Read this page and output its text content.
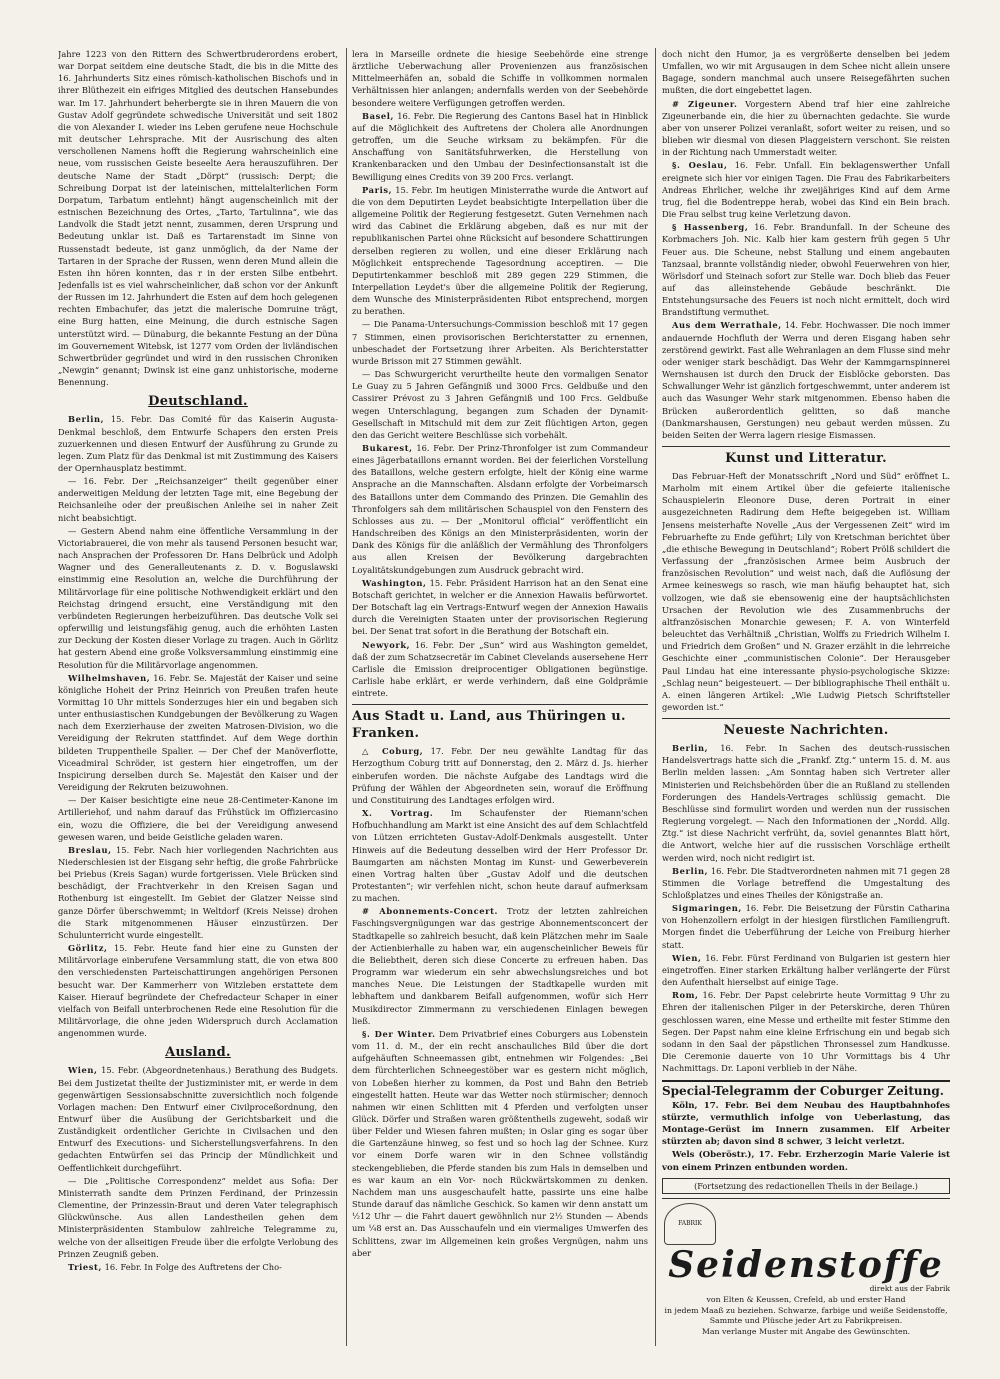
Jahre 1223 von den Rittern des Schwertbruderordens erobert, war Dorpat seitdem eine deutsche Stadt, die bis in die Mitte des 16. Jahrhunderts Sitz eines römisch-katholischen Bischofs und in ihrer Blüthezeit ein eifriges Mitglied des deutschen Hansebundes war. Im 17. Jahrhundert beherbergte sie in ihren Mauern die von Gustav Adolf gegründete schwedische Universität und seit 1802 die von Alexander I. wieder ins Leben gerufene neue Hochschule mit deutscher Lehrsprache. Mit der Ausrischung des alten verschollenen Namens hofft die Regierung wahrscheinlich eine neue, vom russischen Geiste beseelte Aera herauszuführen. Der deutsche Name der Stadt „Dörpt“ (russisch: Derpt; die Schreibung Dorpat ist der lateinischen, mittelalterlichen Form Dorpatum, Tarbatum entlehnt) hängt augenscheinlich mit der estnischen Bezeichnung des Ortes, „Tarto, Tartulinna“, wie das Landvolk die Stadt jetzt nennt, zusammen, deren Ursprung und Bedeutung unklar ist. Daß es Tartarenstadt im Sinne von Russenstadt bedeute, ist ganz unmöglich, da der Name der Tartaren in der Sprache der Russen, wenn deren Mund allein die Esten ihn hören konnten, das r in der ersten Silbe entbehrt. Jedenfalls ist es viel wahrscheinlicher, daß schon vor der Ankunft der Russen im 12. Jahrhundert die Esten auf dem hoch gelegenen rechten Embachufer, das jetzt die malerische Domruine trägt, eine Burg hatten, eine Meinung, die durch estnische Sagen unterstützt wird. — Dünaburg, die bekannte Festung an der Düna im Gouvernement Witebsk, ist 1277 vom Orden der livländischen Schwertbrüder gegründet und wird in den russischen Chroniken „Newgin“ genannt; Dwinsk ist eine ganz unhistorische, moderne Benennung.

Deutschland.

Berlin, 15. Febr. Das Comité für das Kaiserin Augusta-Denkmal beschloß, dem Entwurfe Schapers den ersten Preis zuzuerkennen und diesen Entwurf der Ausführung zu Grunde zu legen. Zum Platz für das Denkmal ist mit Zustimmung des Kaisers der Opernhausplatz bestimmt.

— 16. Febr. Der „Reichsanzeiger“ theilt gegenüber einer anderweitigen Meldung der letzten Tage mit, eine Begebung der Reichsanleihe oder der preußischen Anleihe sei in naher Zeit nicht beabsichtigt.

— Gestern Abend nahm eine öffentliche Versammlung in der Victoriabrauerei, die von mehr als tausend Personen besucht war, nach Ansprachen der Professoren Dr. Hans Delbrück und Adolph Wagner und des Generalleutenants z. D. v. Boguslawski einstimmig eine Resolution an, welche die Durchführung der Militärvorlage für eine politische Nothwendigkeit erklärt und den Reichstag dringend ersucht, eine Verständigung mit den verbündeten Regierungen herbeizuführen. Das deutsche Volk sei opferwillig und leistungsfähig genug, auch die erhöhten Lasten zur Deckung der Kosten dieser Vorlage zu tragen. Auch in Görlitz hat gestern Abend eine große Volksversammlung einstimmig eine Resolution für die Militärvorlage angenommen.

Wilhelmshaven, 16. Febr. Se. Majestät der Kaiser und seine königliche Hoheit der Prinz Heinrich von Preußen trafen heute Vormittag 10 Uhr mittels Sonderzuges hier ein und begaben sich unter enthusiastischen Kundgebungen der Bevölkerung zu Wagen nach dem Exerzierhause der zweiten Matrosen-Division, wo die Vereidigung der Rekruten stattfindet. Auf dem Wege dorthin bildeten Truppentheile Spalier. — Der Chef der Manöverflotte, Viceadmiral Schröder, ist gestern hier eingetroffen, um der Inspicirung derselben durch Se. Majestät den Kaiser und der Vereidigung der Rekruten beizuwohnen.

— Der Kaiser besichtigte eine neue 28-Centimeter-Kanone im Artilleriehof, und nahm darauf das Frühstück im Offiziercasino ein, wozu die Offiziere, die bei der Vereidigung anwesend gewesen waren, und beide Geistliche geladen waren.

Breslau, 15. Febr. Nach hier vorliegenden Nachrichten aus Niederschlesien ist der Eisgang sehr heftig, die große Fahrbrücke bei Priebus (Kreis Sagan) wurde fortgerissen. Viele Brücken sind beschädigt, der Frachtverkehr in den Kreisen Sagan und Rothenburg ist eingestellt. Im Gebiet der Glatzer Neisse sind ganze Dörfer überschwemmt; in Weltdorf (Kreis Neisse) drohen die Stark mitgenommenen Häuser einzustürzen. Der Schulunterricht wurde eingestellt.

Görlitz, 15. Febr. Heute fand hier eine zu Gunsten der Militärvorlage einberufene Versammlung statt, die von etwa 800 den verschiedensten Parteischattirungen angehörigen Personen besucht war. Der Kammerherr von Witzleben erstattete dem Kaiser. Hierauf begründete der Chefredacteur Schaper in einer vielfach von Beifall unterbrochenen Rede eine Resolution für die Militärvorlage, die ohne jeden Widerspruch durch Acclamation angenommen wurde.

Ausland.

Wien, 15. Febr. (Abgeordnetenhaus.) Berathung des Budgets. Bei dem Justizetat theilte der Justizminister mit, er werde in dem gegenwärtigen Sessionsabschnitte zuversichtlich noch folgende Vorlagen machen: Den Entwurf einer Civilproceßordnung, den Entwurf über die Ausübung der Gerichtsbarkeit und die Zuständigkeit ordentlicher Gerichte in Civilsachen und den Entwurf des Executions- und Sicherstellungsverfahrens. In den gedachten Entwürfen sei das Princip der Mündlichkeit und Oeffentlichkeit durchgeführt.

— Die „Politische Correspondenz“ meldet aus Sofia: Der Ministerrath sandte dem Prinzen Ferdinand, der Prinzessin Clementine, der Prinzessin-Braut und deren Vater telegraphisch Glückwünsche. Aus allen Landestheilen gehen dem Ministerpräsidenten Stambulow zahlreiche Telegramme zu, welche von der allseitigen Freude über die erfolgte Verlobung des Prinzen Zeugniß geben.

Triest, 16. Febr. In Folge des Auftretens der Cho-

lera in Marseille ordnete die hiesige Seebehörde eine strenge ärztliche Ueberwachung aller Provenienzen aus französischen Mittelmeerhäfen an, sobald die Schiffe in vollkommen normalen Verhältnissen hier anlangen; andernfalls werden von der Seebehörde besondere weitere Verfügungen getroffen werden.

Basel, 16. Febr. Die Regierung des Cantons Basel hat in Hinblick auf die Möglichkeit des Auftretens der Cholera alle Anordnungen getroffen, um die Seuche wirksam zu bekämpfen. Für die Anschaffung von Sanitätsfuhrwerken, die Herstellung von Krankenbaracken und den Umbau der Desinfectionsanstalt ist die Bewilligung eines Credits von 39 200 Frcs. verlangt.

Paris, 15. Febr. Im heutigen Ministerrathe wurde die Antwort auf die von dem Deputirten Leydet beabsichtigte Interpellation über die allgemeine Politik der Regierung festgesetzt. Guten Vernehmen nach wird das Cabinet die Erklärung abgeben, daß es nur mit der republikanischen Partei ohne Rücksicht auf besondere Schattirungen derselben regieren zu wollen, und eine dieser Erklärung nach Möglichkeit entsprechende Tagesordnung acceptiren. — Die Deputirtenkammer beschloß mit 289 gegen 229 Stimmen, die Interpellation Leydet's über die allgemeine Politik der Regierung, dem Wunsche des Ministerpräsidenten Ribot entsprechend, morgen zu berathen.

— Die Panama-Untersuchungs-Commission beschloß mit 17 gegen 7 Stimmen, einen provisorischen Berichterstatter zu ernennen, unbeschadet der Fortsetzung ihrer Arbeiten. Als Berichterstatter wurde Brisson mit 27 Stimmen gewählt.

— Das Schwurgericht verurtheilte heute den vormaligen Senator Le Guay zu 5 Jahren Gefängniß und 3000 Frcs. Geldbuße und den Cassirer Prévost zu 3 Jahren Gefängniß und 100 Frcs. Geldbuße wegen Unterschlagung, begangen zum Schaden der Dynamit-Gesellschaft in Mitschuld mit dem zur Zeit flüchtigen Arton, gegen den das Gericht weitere Beschlüsse sich vorbehält.

Bukarest, 16. Febr. Der Prinz-Thronfolger ist zum Commandeur eines Jägerbataillons ernannt worden. Bei der feierlichen Vorstellung des Bataillons, welche gestern erfolgte, hielt der König eine warme Ansprache an die Mannschaften. Alsdann erfolgte der Vorbeimarsch des Bataillons unter dem Commando des Prinzen. Die Gemahlin des Thronfolgers sah dem militärischen Schauspiel von den Fenstern des Schlosses aus zu. — Der „Monitorul official“ veröffentlicht ein Handschreiben des Königs an den Ministerpräsidenten, worin der Dank des Königs für die anläßlich der Vermählung des Thronfolgers aus allen Kreisen der Bevölkerung dargebrachten Loyalitätskundgebungen zum Ausdruck gebracht wird.

Washington, 15. Febr. Präsident Harrison hat an den Senat eine Botschaft gerichtet, in welcher er die Annexion Hawaiis befürwortet. Der Botschaft lag ein Vertrags-Entwurf wegen der Annexion Hawaiis durch die Vereinigten Staaten unter der provisorischen Regierung bei. Der Senat trat sofort in die Berathung der Botschaft ein.

Newyork, 16. Febr. Der „Sun“ wird aus Washington gemeldet, daß der zum Schatzsecretär im Cabinet Clevelands ausersehene Herr Carlisle die Emission dreiprocentiger Obligationen begünstige. Carlisle habe erklärt, er werde verhindern, daß eine Goldprämie eintrete.

Aus Stadt u. Land, aus Thüringen u. Franken.

△ Coburg, 17. Febr. Der neu gewählte Landtag für das Herzogthum Coburg tritt auf Donnerstag, den 2. März d. Js. hierher einberufen worden. Die nächste Aufgabe des Landtags wird die Prüfung der Wählen der Abgeordneten sein, worauf die Eröffnung und Constituirung des Landtages erfolgen wird.

X. Vortrag. Im Schaufenster der Riemann'schen Hofbuchhandlung am Markt ist eine Ansicht des auf dem Schlachtfeld von Lützen errichteten Gustav-Adolf-Denkmals ausgestellt. Unter Hinweis auf die Bedeutung desselben wird der Herr Professor Dr. Baumgarten am nächsten Montag im Kunst- und Gewerbeverein einen Vortrag halten über „Gustav Adolf und die deutschen Protestanten“; wir verfehlen nicht, schon heute darauf aufmerksam zu machen.

# Abonnements-Concert. Trotz der letzten zahlreichen Faschingsvergnügungen war das gestrige Abonnementsconcert der Stadtkapelle so zahlreich besucht, daß kein Plätzchen mehr im Saale der Actienbierhalle zu haben war, ein augenscheinlicher Beweis für die Beliebtheit, deren sich diese Concerte zu erfreuen haben. Das Programm war wiederum ein sehr abwechslungsreiches und bot manches Neue. Die Leistungen der Stadtkapelle wurden mit lebhaftem und dankbarem Beifall aufgenommen, wofür sich Herr Musikdirector Zimmermann zu verschiedenen Einlagen bewegen ließ.

§. Der Winter. Dem Privatbrief eines Coburgers aus Lobenstein vom 11. d. M., der ein recht anschauliches Bild über die dort aufgehäuften Schneemassen gibt, entnehmen wir Folgendes: „Bei dem fürchterlichen Schneegestöber war es gestern nicht möglich, von Lobeßen hierher zu kommen, da Post und Bahn den Betrieb eingestellt hatten. Heute war das Wetter noch stürmischer; dennoch nahmen wir einen Schlitten mit 4 Pferden und verfolgten unser Glück. Dörfer und Straßen waren größtentheils zugeweht, sodaß wir über Felder und Wiesen fahren mußten; in Oslar ging es sogar über die Gartenzäune hinweg, so fest und so hoch lag der Schnee. Kurz vor einem Dorfe waren wir in den Schnee vollständig steckengeblieben, die Pferde standen bis zum Hals in demselben und es war kaum an ein Vor- noch Rückwärtskommen zu denken. Nachdem man uns ausgeschaufelt hatte, passirte uns eine halbe Stunde darauf das nämliche Geschick. So kamen wir denn anstatt um ½12 Uhr — die Fahrt dauert gewöhnlich nur 2½ Stunden — Abends um ¼8 erst an. Das Ausschaufeln und ein viermaliges Umwerfen des Schlittens, zwar im Allgemeinen kein großes Vergnügen, nahm uns aber

doch nicht den Humor, ja es vergrößerte denselben bei jedem Umfallen, wo wir mit Argusaugen in dem Schee nicht allein unsere Bagage, sondern manchmal auch unsere Reisegefährten suchen mußten, die dort eingebettet lagen.

# Zigeuner. Vorgestern Abend traf hier eine zahlreiche Zigeunerbande ein, die hier zu übernachten gedachte. Sie wurde aber von unserer Polizei veranlaßt, sofort weiter zu reisen, und so blieben wir diesmal von diesen Plaggeistern verschont. Sie reisten in der Richtung nach Ummerstadt weiter.

§. Oeslau, 16. Febr. Unfall. Ein beklagenswerther Unfall ereignete sich hier vor einigen Tagen. Die Frau des Fabrikarbeiters Andreas Ehrlicher, welche ihr zweijähriges Kind auf dem Arme trug, fiel die Bodentreppe herab, wobei das Kind ein Bein brach. Die Frau selbst trug keine Verletzung davon.

§ Hassenberg, 16. Febr. Brandunfall. In der Scheune des Korbmachers Joh. Nic. Kalb hier kam gestern früh gegen 5 Uhr Feuer aus. Die Scheune, nebst Stallung und einem angebauten Tanzsaal, brannte vollständig nieder, obwohl Feuerwehren von hier, Wörlsdorf und Steinach sofort zur Stelle war. Doch blieb das Feuer auf das alleinstehende Gebäude beschränkt. Die Entstehungsursache des Feuers ist noch nicht ermittelt, doch wird Brandstiftung vermuthet.

Aus dem Werrathale, 14. Febr. Hochwasser. Die noch immer andauernde Hochfluth der Werra und deren Eisgang haben sehr zerstörend gewirkt. Fast alle Wehranlagen an dem Flusse sind mehr oder weniger stark beschädigt. Das Wehr der Kammgarnspinnerei Wernshausen ist durch den Druck der Eisblöcke geborsten. Das Schwallunger Wehr ist gänzlich fortgeschwemmt, unter anderem ist auch das Wasunger Wehr stark mitgenommen. Ebenso haben die Brücken außerordentlich gelitten, so daß manche (Dankmarshausen, Gerstungen) neu gebaut werden müssen. Zu beiden Seiten der Werra lagern riesige Eismassen.

Kunst und Litteratur.

Das Februar-Heft der Monatsschrift „Nord und Süd“ eröffnet L. Marholm mit einem Artikel über die gefeierte italienische Schauspielerin Eleonore Duse, deren Portrait in einer ausgezeichneten Radirung dem Hefte beigegeben ist. William Jensens meisterhafte Novelle „Aus der Vergessenen Zeit“ wird im Februarhefte zu Ende geführt; Lily von Kretschman berichtet über „die ethische Bewegung in Deutschland“; Robert Prölß schildert die Verfassung der „französischen Armee beim Ausbruch der französischen Revolution“ und weist nach, daß die Auflösung der Armee keineswegs so rasch, wie man häufig behauptet hat, sich vollzogen, wie daß sie ebensowenig eine der hauptsächlichsten Ursachen der Revolution wie des Zusammenbruchs der altfranzösischen Monarchie gewesen; F. A. von Winterfeld beleuchtet das Verhältniß „Christian, Wolffs zu Friedrich Wilhelm I. und Friedrich dem Großen“ und N. Grazer erzählt in die lehrreiche Geschichte einer „communistischen Colonie“. Der Herausgeber Paul Lindau hat eine interessante physio-psychologische Skizze: „Schlag neun“ beigesteuert. — Der bibliographische Theil enthält u. A. einen längeren Artikel: „Wie Ludwig Pietsch Schriftsteller geworden ist.“

Neueste Nachrichten.

Berlin, 16. Febr. In Sachen des deutsch-russischen Handelsvertrags hatte sich die „Frankf. Ztg.“ unterm 15. d. M. aus Berlin melden lassen: „Am Sonntag haben sich Vertreter aller Ministerien und Reichsbehörden über die an Rußland zu stellenden Forderungen des Handels-Vertrages schlüssig gemacht. Die Beschlüsse sind formulirt worden und werden nun der russischen Regierung vorgelegt. — Nach den Informationen der „Nordd. Allg. Ztg.“ ist diese Nachricht verfrüht, da, soviel genanntes Blatt hört, die Antwort, welche hier auf die russischen Vorschläge ertheilt werden wird, noch nicht redigirt ist.

Berlin, 16. Febr. Die Stadtverordneten nahmen mit 71 gegen 28 Stimmen die Vorlage betreffend die Umgestaltung des Schloßplatzes und eines Theiles der Königstraße an.

Sigmaringen, 16. Febr. Die Beisetzung der Fürstin Catharina von Hohenzollern erfolgt in der hiesigen fürstlichen Familiengruft. Morgen findet die Ueberführung der Leiche von Freiburg hierher statt.

Wien, 16. Febr. Fürst Ferdinand von Bulgarien ist gestern hier eingetroffen. Einer starken Erkältung halber verlängerte der Fürst den Aufenthalt hierselbst auf einige Tage.

Rom, 16. Febr. Der Papst celebrirte heute Vormittag 9 Uhr zu Ehren der italienischen Pilger in der Peterskirche, deren Thüren geschlossen waren, eine Messe und ertheilte mit fester Stimme den Segen. Der Papst nahm eine kleine Erfrischung ein und begab sich sodann in den Saal der päpstlichen Thronsessel zum Handkusse. Die Ceremonie dauerte von 10 Uhr Vormittags bis 4 Uhr Nachmittags. Dr. Laponi verblieb in der Nähe.

Special-Telegramm der Coburger Zeitung.

Köln, 17. Febr. Bei dem Neubau des Hauptbahnhofes stürzte, vermuthlich infolge von Ueberlastung, das Montage-Gerüst im Innern zusammen. Elf Arbeiter stürzten ab; davon sind 8 schwer, 3 leicht verletzt.

Wels (Oberöstr.), 17. Febr. Erzherzogin Marie Valerie ist von einem Prinzen entbunden worden.

(Fortsetzung des redactionellen Theils in der Beilage.)
FABRIK
Seidenstoffe
direkt aus der Fabrik
von Elten & Keussen, Crefeld, ab und erster Hand
in jedem Maaß zu beziehen. Schwarze, farbige und weiße Seidenstoffe,
Sammte und Plüsche jeder Art zu Fabrikpreisen.
Man verlange Muster mit Angabe des Gewünschten.
